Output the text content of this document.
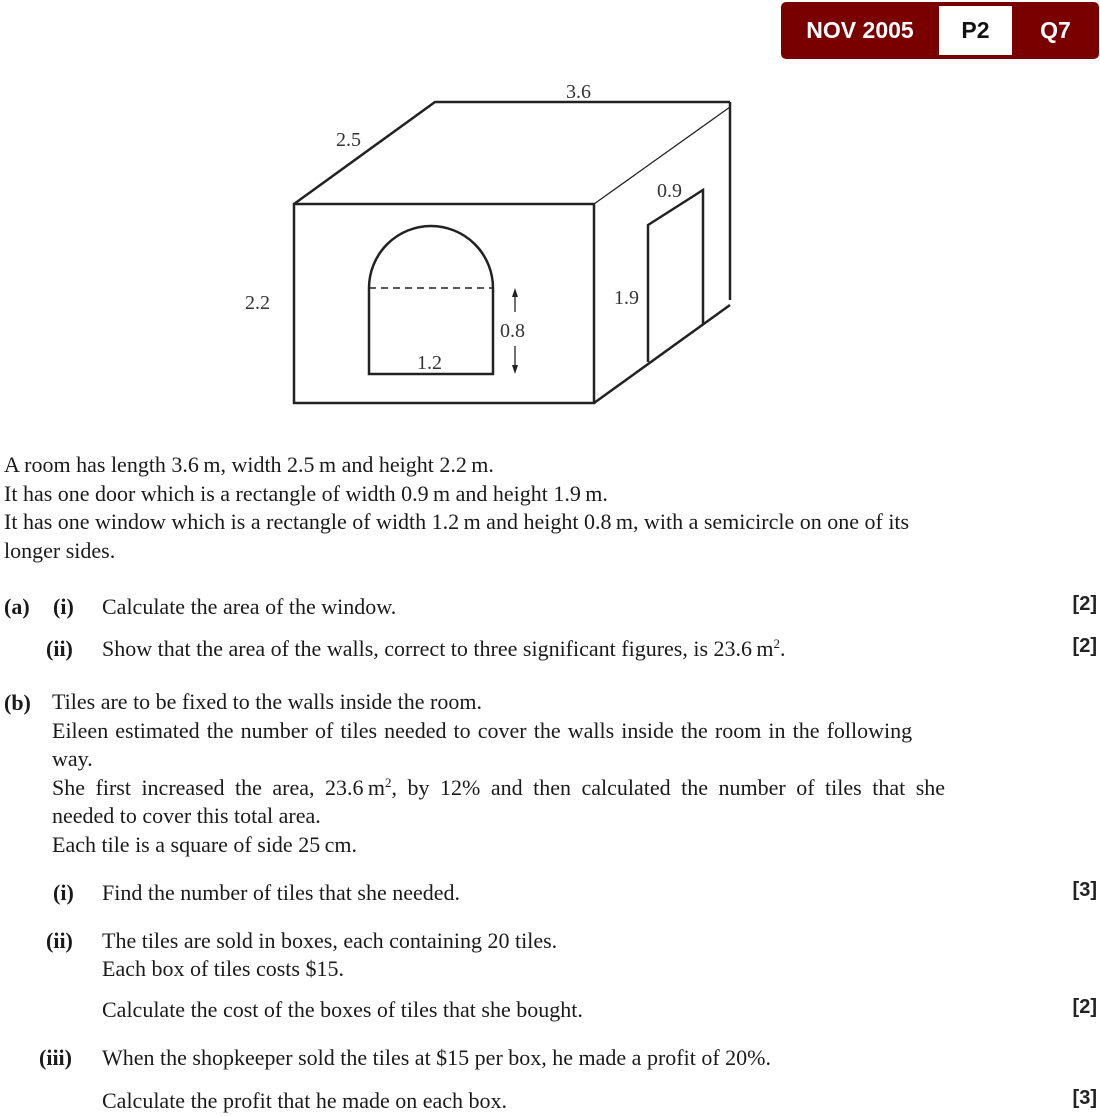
NOV 2005	P2	Q7
3.6
2.5
2.2
0.9
1.9
1.2
0.8
A room has length 3.6 m, width 2.5 m and height 2.2 m.
It has one door which is a rectangle of width 0.9 m and height 1.9 m.
It has one window which is a rectangle of width 1.2 m and height 0.8 m, with a semicircle on one of its
longer sides.
(a) (i) Calculate the area of the window.	[2]
(ii) Show that the area of the walls, correct to three significant figures, is 23.6 $m^2$.	[2]
(b) Tiles are to be fixed to the walls inside the room.
Eileen estimated the number of tiles needed to cover the walls inside the room in the following
way.
She first increased the area, 23.6 $m^2$, by 12% and then calculated the number of tiles that she
needed to cover this total area.
Each tile is a square of side 25 cm.
(i) Find the number of tiles that she needed.	[3]
(ii) The tiles are sold in boxes, each containing 20 tiles.
Each box of tiles costs $15.
Calculate the cost of the boxes of tiles that she bought.	[2]
(iii) When the shopkeeper sold the tiles at $15 per box, he made a profit of 20%.
Calculate the profit that he made on each box.	[3]
